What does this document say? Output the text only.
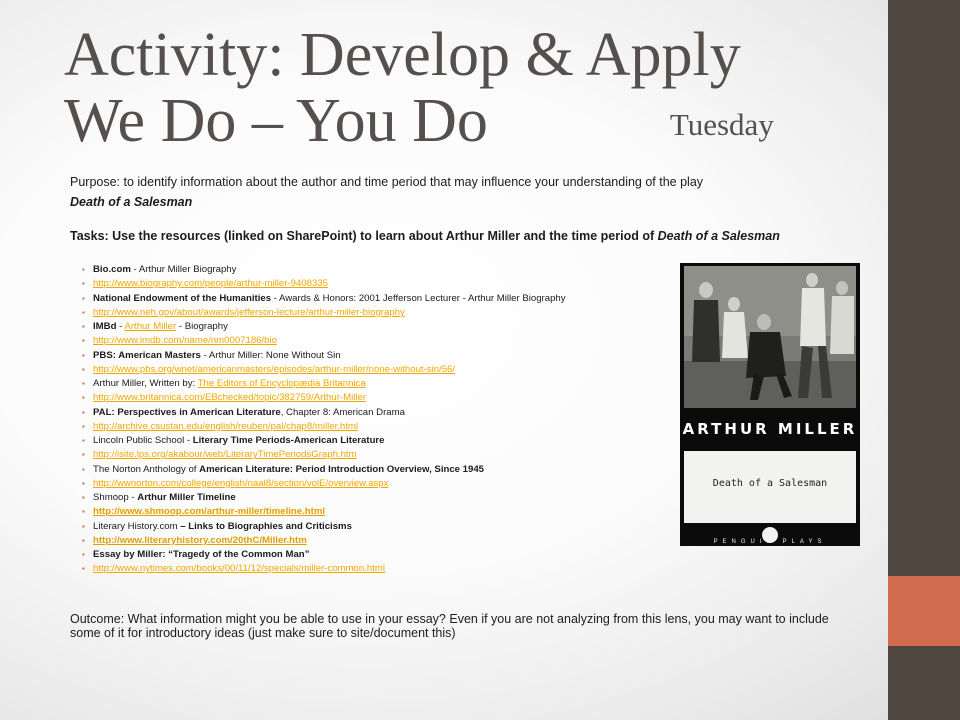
Activity: Develop & Apply
We Do – You Do	Tuesday
Purpose: to identify information about the author and time period that may influence your understanding of the play
Death of a Salesman
Tasks: Use the resources (linked on SharePoint) to learn about Arthur Miller and the time period of Death of a Salesman
▪ Bio.com - Arthur Miller Biography
▪ http://www.biography.com/people/arthur-miller-9408335
▪ National Endowment of the Humanities - Awards & Honors: 2001 Jefferson Lecturer - Arthur Miller Biography
▪ http://www.neh.gov/about/awards/jefferson-lecture/arthur-miller-biography
▪ IMBd - Arthur Miller - Biography
▪ http://www.imdb.com/name/nm0007186/bio
▪ PBS: American Masters - Arthur Miller: None Without Sin
▪ http://www.pbs.org/wnet/americanmasters/episodes/arthur-miller/none-without-sin/56/
▪ Arthur Miller, Written by: The Editors of Encyclopædia Britannica
▪ http://www.britannica.com/EBchecked/topic/382759/Arthur-Miller
▪ PAL: Perspectives in American Literature, Chapter 8: American Drama
▪ http://archive.csustan.edu/english/reuben/pal/chap8/miller.html
▪ Lincoln Public School - Literary Time Periods-American Literature
▪ http://isite.lps.org/akabour/web/LiteraryTimePeriodsGraph.htm
▪ The Norton Anthology of American Literature: Period Introduction Overview, Since 1945
▪ http://wwnorton.com/college/english/naal8/section/volE/overview.aspx
▪ Shmoop - Arthur Miller Timeline
▪ http://www.shmoop.com/arthur-miller/timeline.html
▪ Literary History.com – Links to Biographies and Criticisms
▪ http://www.literaryhistory.com/20thC/Miller.htm
▪ Essay by Miller: “Tragedy of the Common Man”
▪ http://www.nytimes.com/books/00/11/12/specials/miller-common.html
ARTHUR MILLER
Death of a Salesman
PENGUIN PLAYS
Outcome: What information might you be able to use in your essay? Even if you are not analyzing from this lens, you may want to include some of it for introductory ideas (just make sure to site/document this)
